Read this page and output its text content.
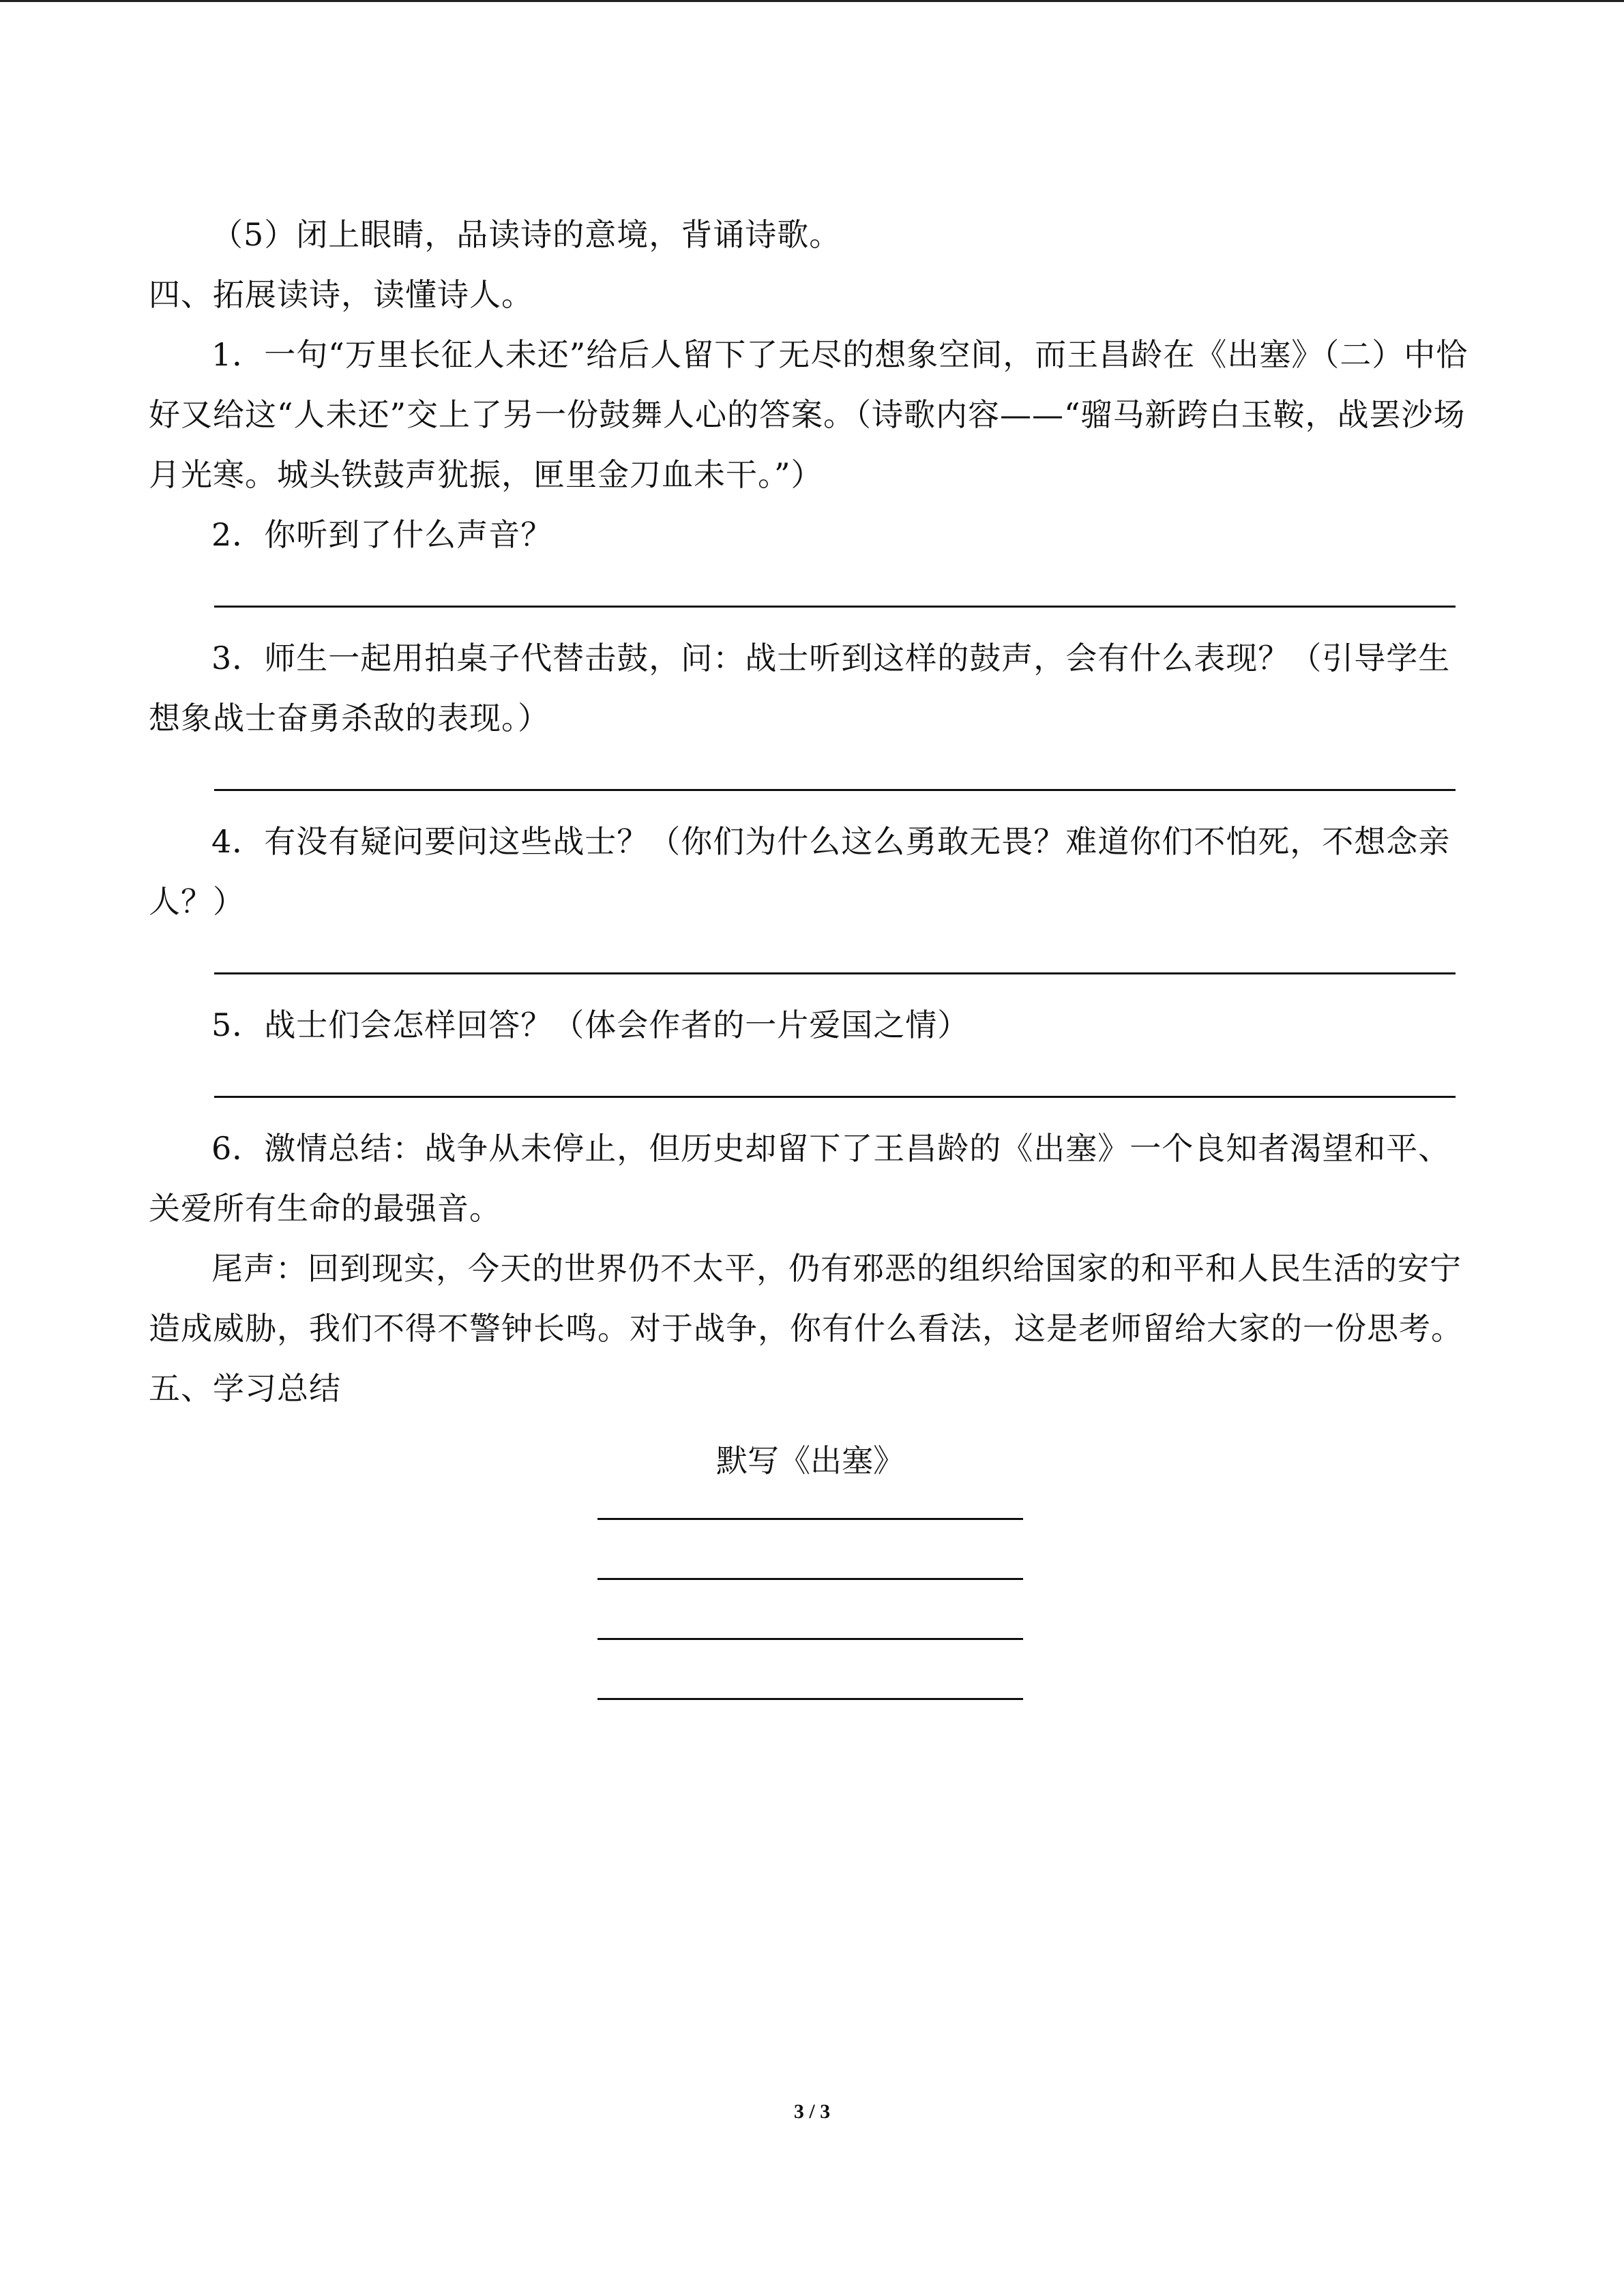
（5）闭上眼睛，品读诗的意境，背诵诗歌。

四、拓展读诗，读懂诗人。

1．一句“万里长征人未还”给后人留下了无尽的想象空间，而王昌龄在《出塞》（二）中恰好又给这“人未还”交上了另一份鼓舞人心的答案。（诗歌内容——“骝马新跨白玉鞍，战罢沙场月光寒。城头铁鼓声犹振，匣里金刀血未干。”）

2．你听到了什么声音？

3．师生一起用拍桌子代替击鼓，问：战士听到这样的鼓声，会有什么表现？（引导学生想象战士奋勇杀敌的表现。）

4．有没有疑问要问这些战士？（你们为什么这么勇敢无畏？难道你们不怕死，不想念亲人？）

5．战士们会怎样回答？（体会作者的一片爱国之情）

6．激情总结：战争从未停止，但历史却留下了王昌龄的《出塞》一个良知者渴望和平、关爱所有生命的最强音。

尾声：回到现实，今天的世界仍不太平，仍有邪恶的组织给国家的和平和人民生活的安宁造成威胁，我们不得不警钟长鸣。对于战争，你有什么看法，这是老师留给大家的一份思考。五、学习总结

默写《出塞》
3 / 3
